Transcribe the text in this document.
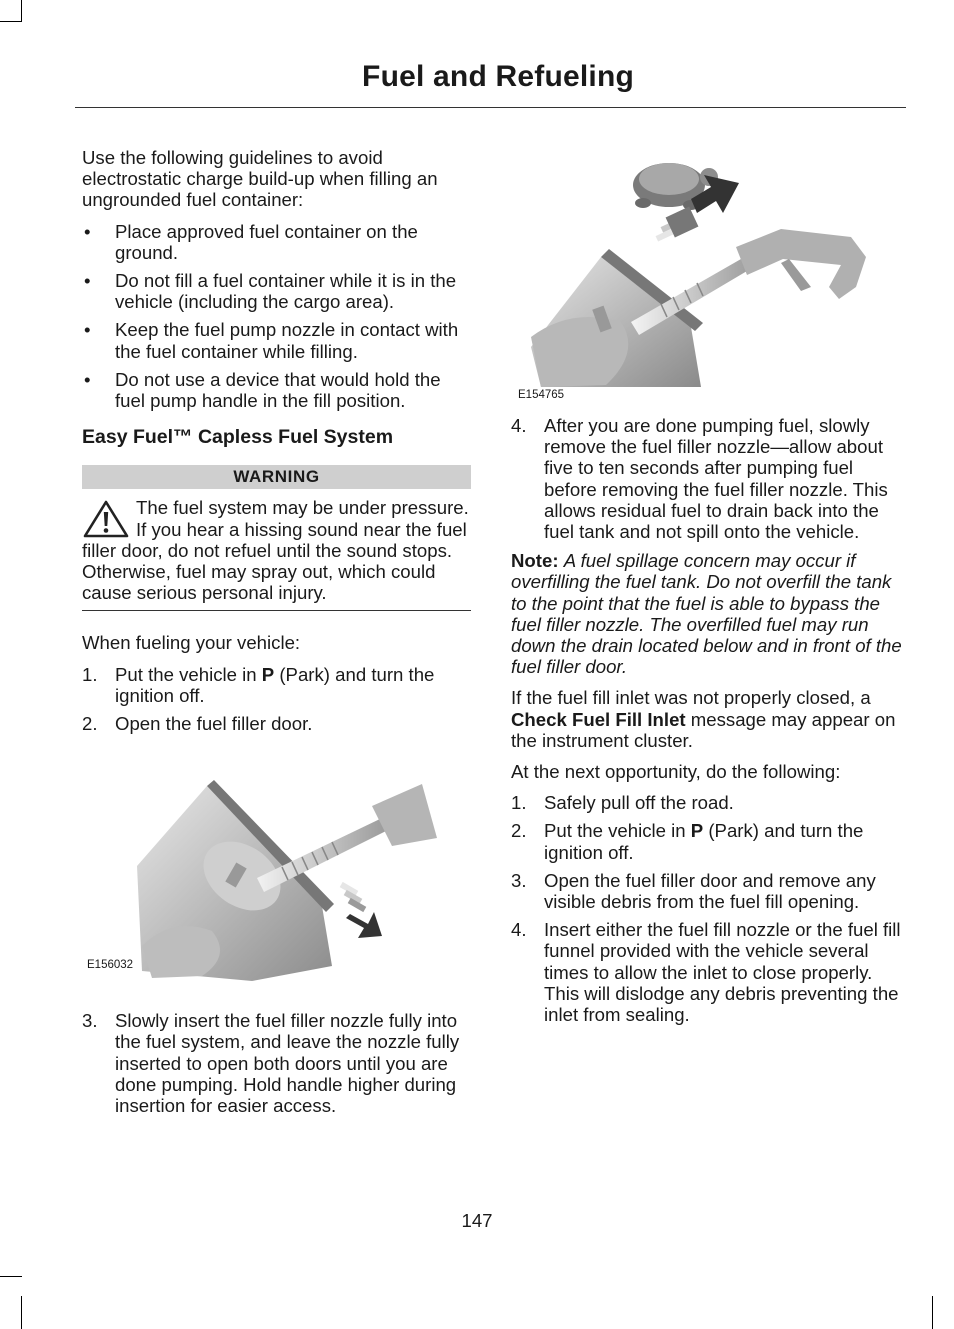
Fuel and Refueling

Use the following guidelines to avoid electrostatic charge build-up when filling an ungrounded fuel container:

• Place approved fuel container on the ground.
• Do not fill a fuel container while it is in the vehicle (including the cargo area).
• Keep the fuel pump nozzle in contact with the fuel container while filling.
• Do not use a device that would hold the fuel pump handle in the fill position.
Easy Fuel™ Capless Fuel System
WARNING
The fuel system may be under pressure. If you hear a hissing sound near the fuel filler door, do not refuel until the sound stops. Otherwise, fuel may spray out, which could cause serious personal injury.

When fueling your vehicle:

1. Put the vehicle in P (Park) and turn the ignition off.
2. Open the fuel filler door.
E156032
3. Slowly insert the fuel filler nozzle fully into the fuel system, and leave the nozzle fully inserted to open both doors until you are done pumping. Hold handle higher during insertion for easier access.
E154765
4. After you are done pumping fuel, slowly remove the fuel filler nozzle—allow about five to ten seconds after pumping fuel before removing the fuel filler nozzle. This allows residual fuel to drain back into the fuel tank and not spill onto the vehicle.

Note: A fuel spillage concern may occur if overfilling the fuel tank. Do not overfill the tank to the point that the fuel is able to bypass the fuel filler nozzle. The overfilled fuel may run down the drain located below and in front of the fuel filler door.

If the fuel fill inlet was not properly closed, a Check Fuel Fill Inlet message may appear on the instrument cluster.

At the next opportunity, do the following:

1. Safely pull off the road.
2. Put the vehicle in P (Park) and turn the ignition off.
3. Open the fuel filler door and remove any visible debris from the fuel fill opening.
4. Insert either the fuel fill nozzle or the fuel fill funnel provided with the vehicle several times to allow the inlet to close properly. This will dislodge any debris preventing the inlet from sealing.
147
